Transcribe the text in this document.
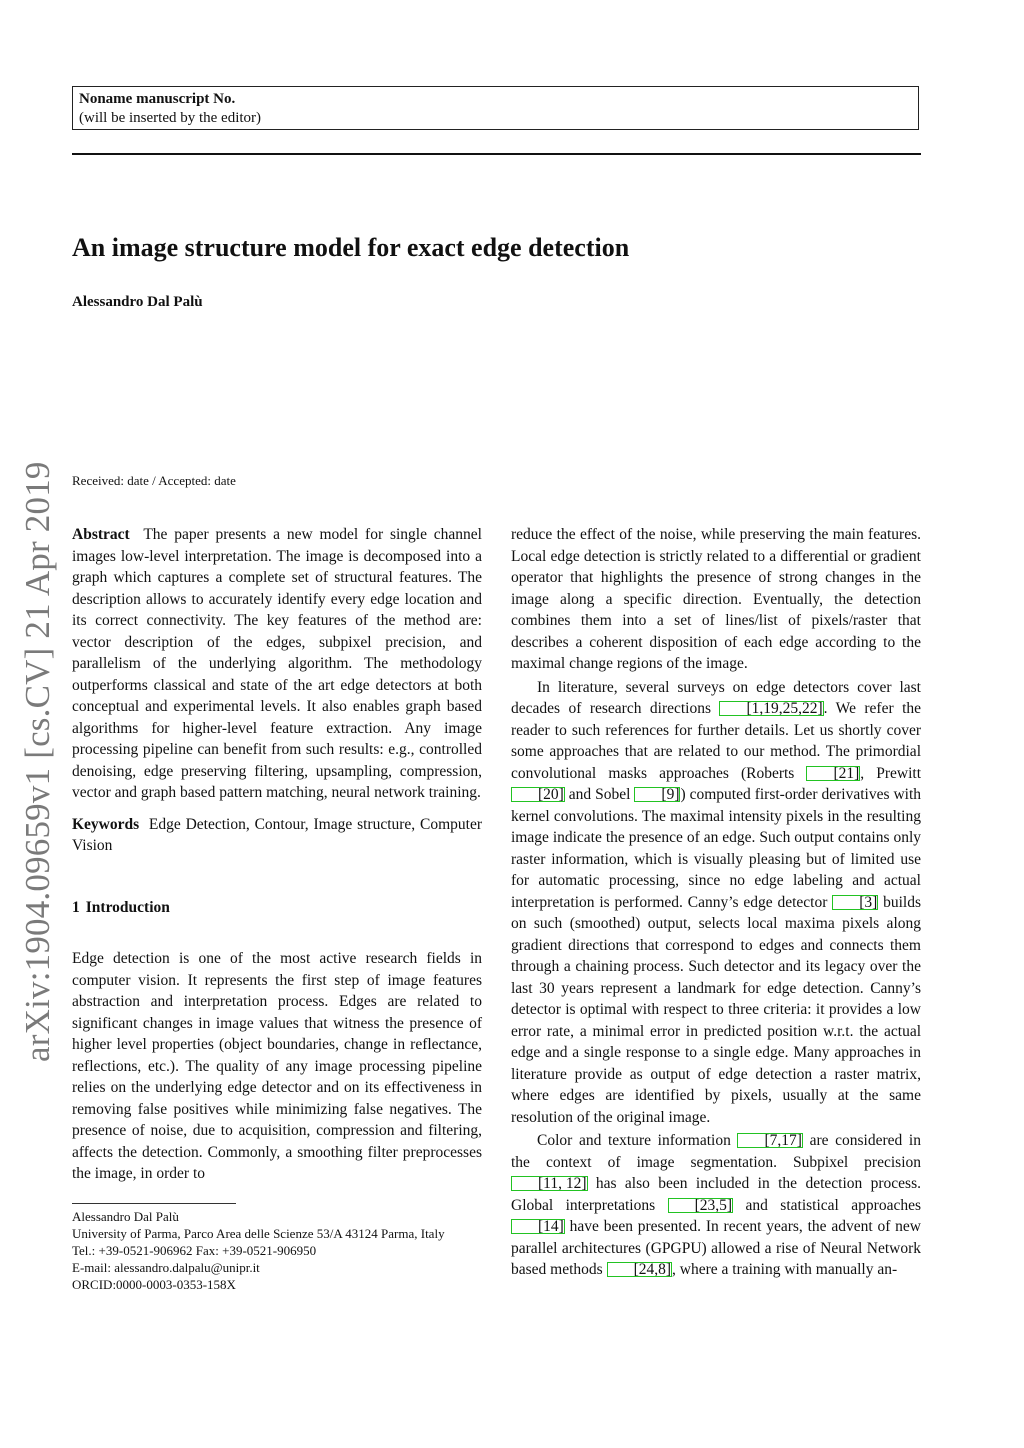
Noname manuscript No.
(will be inserted by the editor)
An image structure model for exact edge detection
Alessandro Dal Palù
Received: date / Accepted: date
arXiv:1904.09659v1 [cs.CV] 21 Apr 2019 Abstract The paper presents a new model for single channel images low-level interpretation. The image is decomposed into a graph which captures a complete set of structural features. The description allows to accurately identify every edge location and its correct connectivity. The key features of the method are: vector description of the edges, subpixel precision, and parallelism of the underlying algorithm. The methodology outperforms classical and state of the art edge detectors at both conceptual and experimental levels. It also enables graph based algorithms for higher-level feature extraction. Any image processing pipeline can benefit from such results: e.g., controlled denoising, edge preserving filtering, upsampling, compression, vector and graph based pattern matching, neural network training.

Keywords Edge Detection, Contour, Image structure, Computer Vision

1 Introduction

Edge detection is one of the most active research fields in computer vision. It represents the first step of image features abstraction and interpretation process. Edges are related to significant changes in image values that witness the presence of higher level properties (object boundaries, change in reflectance, reflections, etc.). The quality of any image processing pipeline relies on the underlying edge detector and on its effectiveness in removing false positives while minimizing false negatives. The presence of noise, due to acquisition, compression and filtering, affects the detection. Commonly, a smoothing filter preprocesses the image, in order to

reduce the effect of the noise, while preserving the main features. Local edge detection is strictly related to a differential or gradient operator that highlights the presence of strong changes in the image along a specific direction. Eventually, the detection combines them into a set of lines/list of pixels/raster that describes a coherent disposition of each edge according to the maximal change regions of the image.

In literature, several surveys on edge detectors cover last decades of research directions [1,19,25,22]. We refer the reader to such references for further details. Let us shortly cover some approaches that are related to our method. The primordial convolutional masks approaches (Roberts [21], Prewitt [20] and Sobel [9]) computed first-order derivatives with kernel convolutions. The maximal intensity pixels in the resulting image indicate the presence of an edge. Such output contains only raster information, which is visually pleasing but of limited use for automatic processing, since no edge labeling and actual interpretation is performed. Canny’s edge detector [3] builds on such (smoothed) output, selects local maxima pixels along gradient directions that correspond to edges and connects them through a chaining process. Such detector and its legacy over the last 30 years represent a landmark for edge detection. Canny’s detector is optimal with respect to three criteria: it provides a low error rate, a minimal error in predicted position w.r.t. the actual edge and a single response to a single edge. Many approaches in literature provide as output of edge detection a raster matrix, where edges are identified by pixels, usually at the same resolution of the original image.

Color and texture information [7,17] are considered in the context of image segmentation. Subpixel precision [11, 12] has also been included in the detection process. Global interpretations [23,5] and statistical approaches [14] have been presented. In recent years, the advent of new parallel architectures (GPGPU) allowed a rise of Neural Network based methods [24,8], where a training with manually an-

Alessandro Dal Palù
University of Parma, Parco Area delle Scienze 53/A 43124 Parma, Italy
Tel.: +39-0521-906962 Fax: +39-0521-906950
E-mail: alessandro.dalpalu@unipr.it
ORCID:0000-0003-0353-158X
